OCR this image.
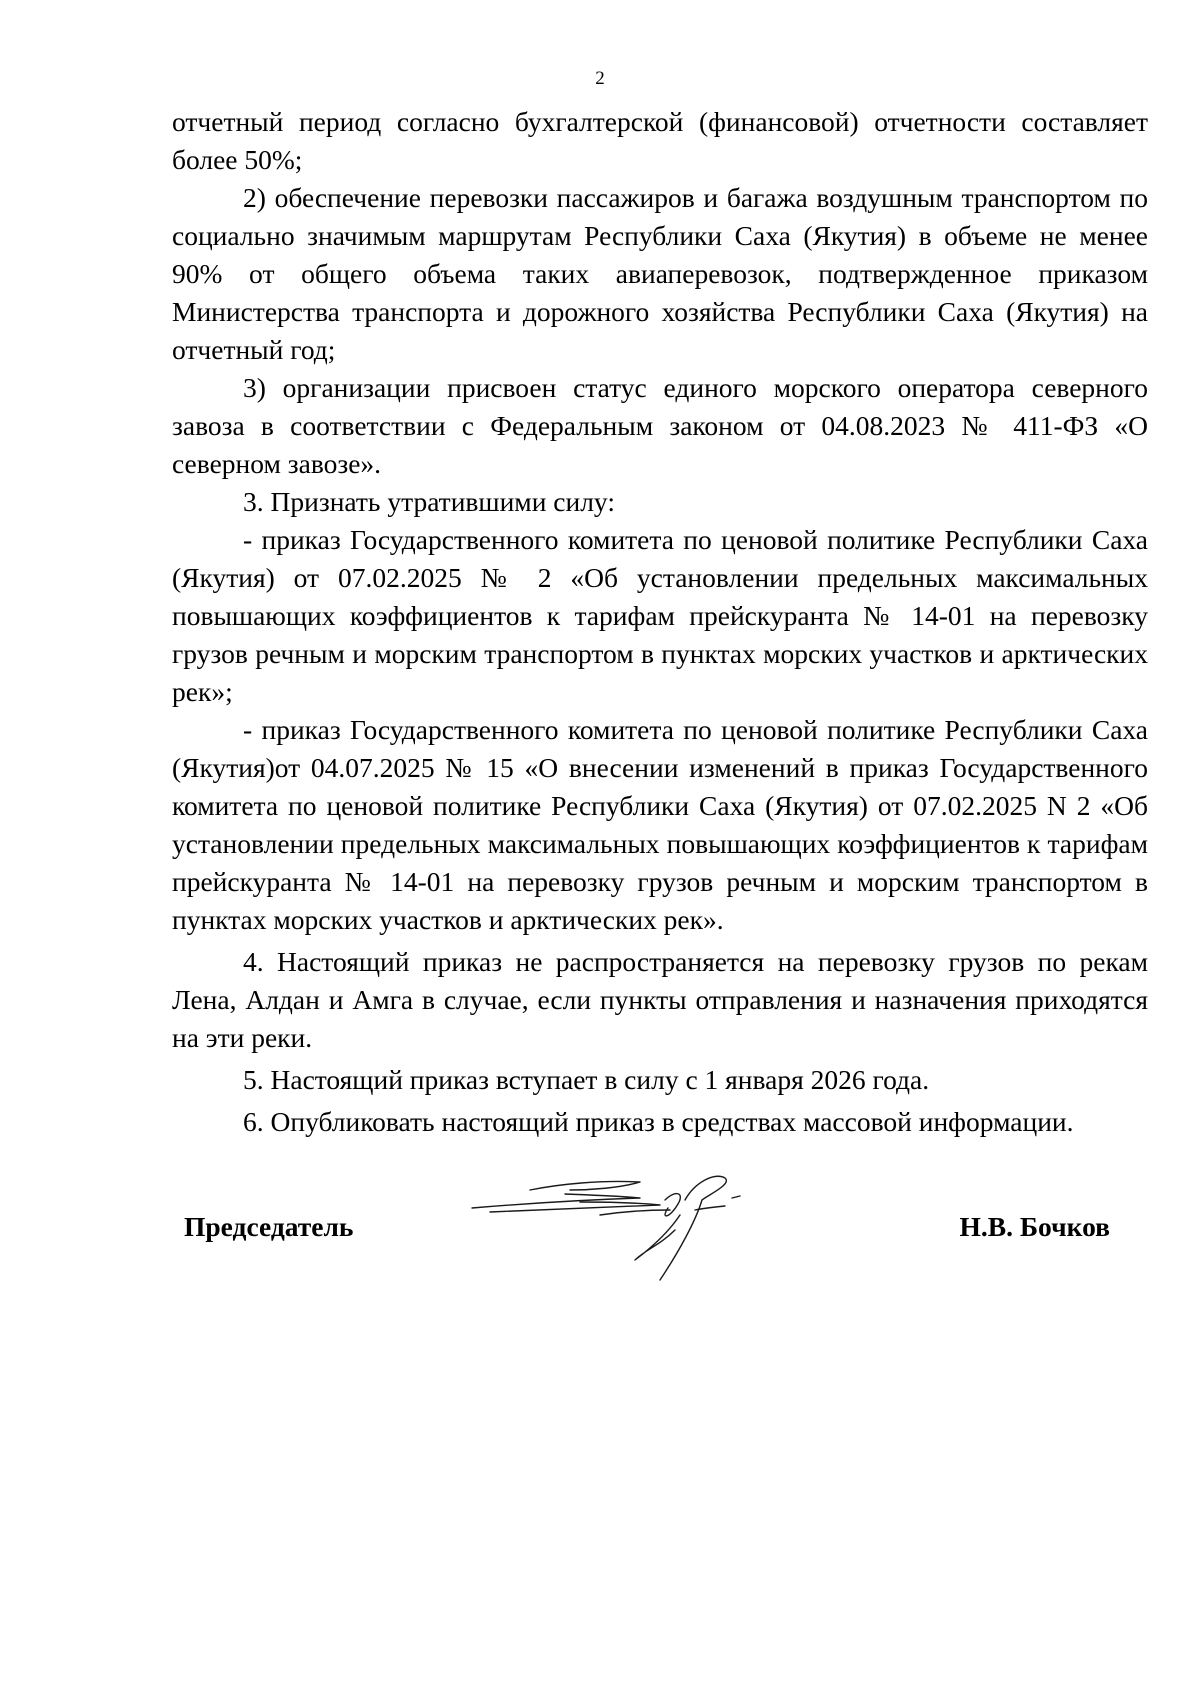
2

отчетный период согласно бухгалтерской (финансовой) отчетности составляет более 50%;

2) обеспечение перевозки пассажиров и багажа воздушным транспортом по социально значимым маршрутам Республики Саха (Якутия) в объеме не менее 90% от общего объема таких авиаперевозок, подтвержденное приказом Министерства транспорта и дорожного хозяйства Республики Саха (Якутия) на отчетный год;

3) организации присвоен статус единого морского оператора северного завоза в соответствии с Федеральным законом от 04.08.2023 № 411-ФЗ «О северном завозе».

3. Признать утратившими силу:

- приказ Государственного комитета по ценовой политике Республики Саха (Якутия) от 07.02.2025 № 2 «Об установлении предельных максимальных повышающих коэффициентов к тарифам прейскуранта № 14-01 на перевозку грузов речным и морским транспортом в пунктах морских участков и арктических рек»;

- приказ Государственного комитета по ценовой политике Республики Саха (Якутия)от 04.07.2025 № 15 «О внесении изменений в приказ Государственного комитета по ценовой политике Республики Саха (Якутия) от 07.02.2025 N 2 «Об установлении предельных максимальных повышающих коэффициентов к тарифам прейскуранта № 14-01 на перевозку грузов речным и морским транспортом в пунктах морских участков и арктических рек».

4. Настоящий приказ не распространяется на перевозку грузов по рекам Лена, Алдан и Амга в случае, если пункты отправления и назначения приходятся на эти реки.

5. Настоящий приказ вступает в силу с 1 января 2026 года.

6. Опубликовать настоящий приказ в средствах массовой информации.

Председатель	Н.В. Бочков
